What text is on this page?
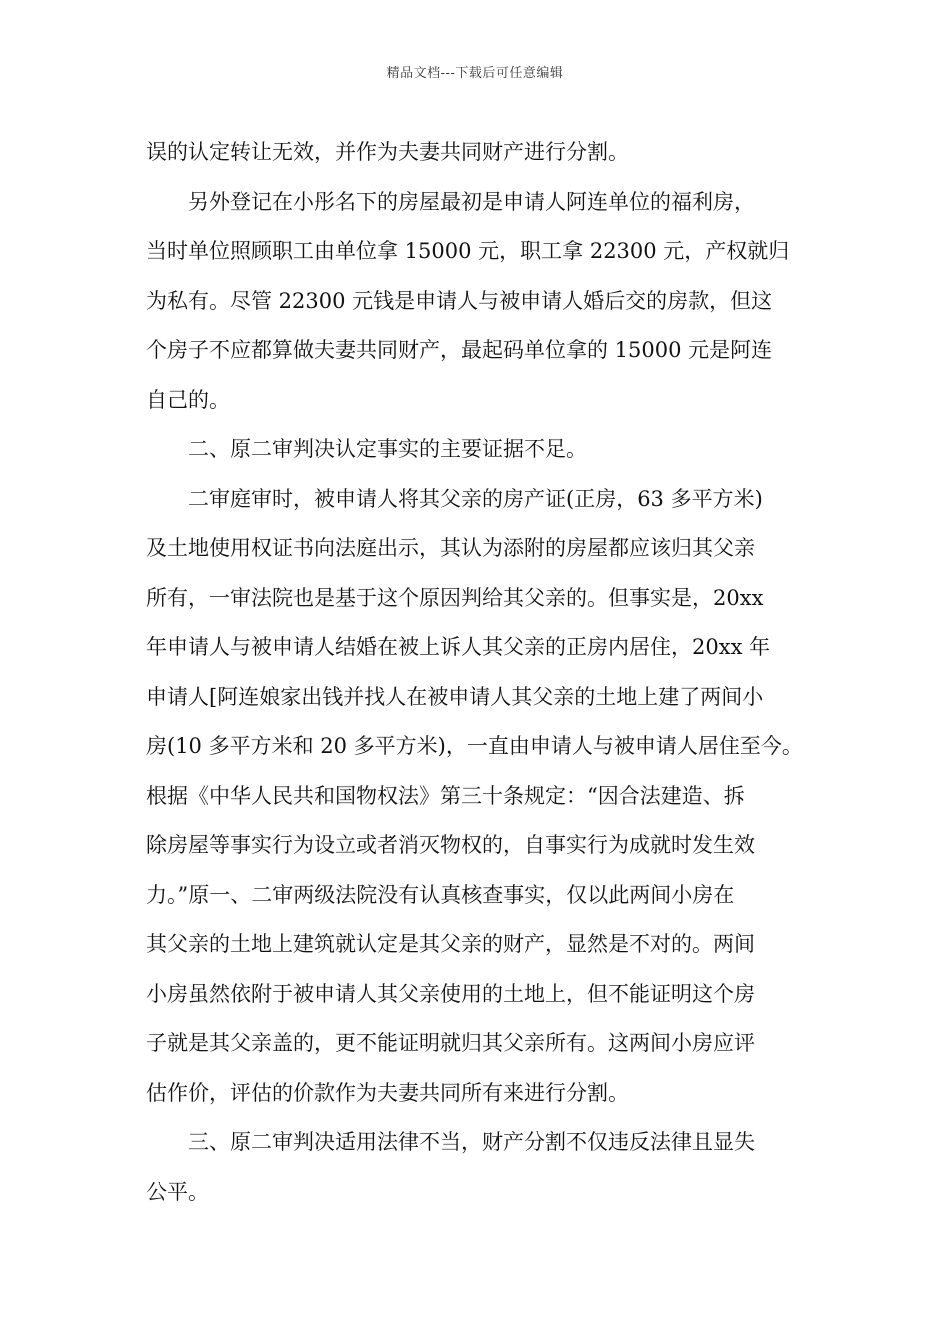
精品文档---下载后可任意编辑
误的认定转让无效，并作为夫妻共同财产进行分割。
另外登记在小彤名下的房屋最初是申请人阿连单位的福利房，
当时单位照顾职工由单位拿 15000 元，职工拿 22300 元，产权就归
为私有。尽管 22300 元钱是申请人与被申请人婚后交的房款，但这
个房子不应都算做夫妻共同财产，最起码单位拿的 15000 元是阿连
自己的。
二、原二审判决认定事实的主要证据不足。
二审庭审时，被申请人将其父亲的房产证(正房，63 多平方米)
及土地使用权证书向法庭出示，其认为添附的房屋都应该归其父亲
所有，一审法院也是基于这个原因判给其父亲的。但事实是，20xx
年申请人与被申请人结婚在被上诉人其父亲的正房内居住，20xx 年
申请人[阿连娘家出钱并找人在被申请人其父亲的土地上建了两间小
房(10 多平方米和 20 多平方米)，一直由申请人与被申请人居住至今。
根据《中华人民共和国物权法》第三十条规定：“因合法建造、拆
除房屋等事实行为设立或者消灭物权的，自事实行为成就时发生效
力。”原一、二审两级法院没有认真核查事实，仅以此两间小房在
其父亲的土地上建筑就认定是其父亲的财产，显然是不对的。两间
小房虽然依附于被申请人其父亲使用的土地上，但不能证明这个房
子就是其父亲盖的，更不能证明就归其父亲所有。这两间小房应评
估作价，评估的价款作为夫妻共同所有来进行分割。
三、原二审判决适用法律不当，财产分割不仅违反法律且显失
公平。
